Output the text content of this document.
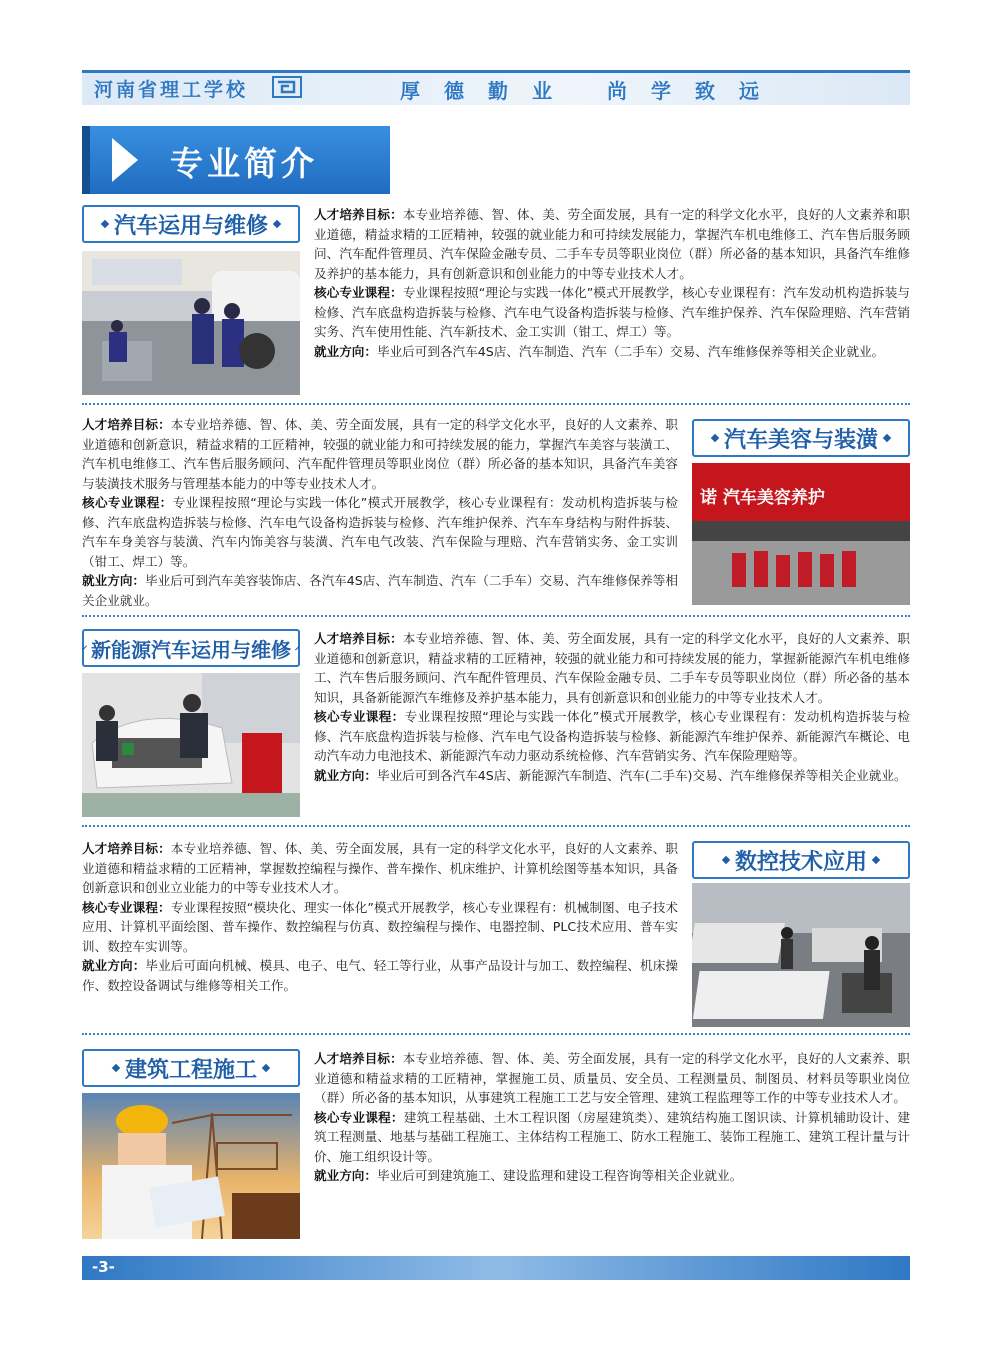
河南省理工学校	厚德勤业 尚学致远
专业简介
汽车运用与维修	人才培养目标：本专业培养德、智、体、美、劳全面发展，具有一定的科学文化水平，良好的人文素养和职业道德，精益求精的工匠精神，较强的就业能力和可持续发展能力，掌握汽车机电维修工、汽车售后服务顾问、汽车配件管理员、汽车保险金融专员、二手车专员等职业岗位（群）所必备的基本知识，具备汽车维修及养护的基本能力，具有创新意识和创业能力的中等专业技术人才。

核心专业课程：专业课程按照“理论与实践一体化”模式开展教学，核心专业课程有：汽车发动机构造拆装与检修、汽车底盘构造拆装与检修、汽车电气设备构造拆装与检修、汽车维护保养、汽车保险理赔、汽车营销实务、汽车使用性能、汽车新技术、金工实训（钳工、焊工）等。

就业方向：毕业后可到各汽车4S店、汽车制造、汽车（二手车）交易、汽车维修保养等相关企业就业。

人才培养目标：本专业培养德、智、体、美、劳全面发展，具有一定的科学文化水平，良好的人文素养、职业道德和创新意识，精益求精的工匠精神，较强的就业能力和可持续发展的能力，掌握汽车美容与装潢工、汽车机电维修工、汽车售后服务顾问、汽车配件管理员等职业岗位（群）所必备的基本知识，具备汽车美容与装潢技术服务与管理基本能力的中等专业技术人才。

核心专业课程：专业课程按照“理论与实践一体化”模式开展教学，核心专业课程有：发动机构造拆装与检修、汽车底盘构造拆装与检修、汽车电气设备构造拆装与检修、汽车维护保养、汽车车身结构与附件拆装、汽车车身美容与装潢、汽车内饰美容与装潢、汽车电气改装、汽车保险与理赔、汽车营销实务、金工实训（钳工、焊工）等。

就业方向：毕业后可到汽车美容装饰店、各汽车4S店、汽车制造、汽车（二手车）交易、汽车维修保养等相关企业就业。

汽车美容与装潢
诺 汽车美容养护
新能源汽车运用与维修 人才培养目标：本专业培养德、智、体、美、劳全面发展，具有一定的科学文化水平，良好的人文素养、职业道德和创新意识，精益求精的工匠精神，较强的就业能力和可持续发展的能力，掌握新能源汽车机电维修工、汽车售后服务顾问、汽车配件管理员、汽车保险金融专员、二手车专员等职业岗位（群）所必备的基本知识，具备新能源汽车维修及养护基本能力，具有创新意识和创业能力的中等专业技术人才。

核心专业课程：专业课程按照“理论与实践一体化”模式开展教学，核心专业课程有：发动机构造拆装与检修、汽车底盘构造拆装与检修、汽车电气设备构造拆装与检修、新能源汽车维护保养、新能源汽车概论、电动汽车动力电池技术、新能源汽车动力驱动系统检修、汽车营销实务、汽车保险理赔等。

就业方向：毕业后可到各汽车4S店、新能源汽车制造、汽车(二手车)交易、汽车维修保养等相关企业就业。

人才培养目标：本专业培养德、智、体、美、劳全面发展，具有一定的科学文化水平，良好的人文素养、职业道德和精益求精的工匠精神，掌握数控编程与操作、普车操作、机床维护、计算机绘图等基本知识，具备创新意识和创业立业能力的中等专业技术人才。

核心专业课程：专业课程按照“模块化、理实一体化”模式开展教学，核心专业课程有：机械制图、电子技术应用、计算机平面绘图、普车操作、数控编程与仿真、数控编程与操作、电器控制、PLC技术应用、普车实训、数控车实训等。

就业方向：毕业后可面向机械、模具、电子、电气、轻工等行业，从事产品设计与加工、数控编程、机床操作、数控设备调试与维修等相关工作。

数控技术应用
建筑工程施工	人才培养目标：本专业培养德、智、体、美、劳全面发展，具有一定的科学文化水平，良好的人文素养、职业道德和精益求精的工匠精神，掌握施工员、质量员、安全员、工程测量员、制图员、材料员等职业岗位（群）所必备的基本知识，从事建筑工程施工工艺与安全管理、建筑工程监理等工作的中等专业技术人才。

核心专业课程：建筑工程基础、土木工程识图（房屋建筑类）、建筑结构施工图识读、计算机辅助设计、建筑工程测量、地基与基础工程施工、主体结构工程施工、防水工程施工、装饰工程施工、建筑工程计量与计价、施工组织设计等。

就业方向：毕业后可到建筑施工、建设监理和建设工程咨询等相关企业就业。

-3-
